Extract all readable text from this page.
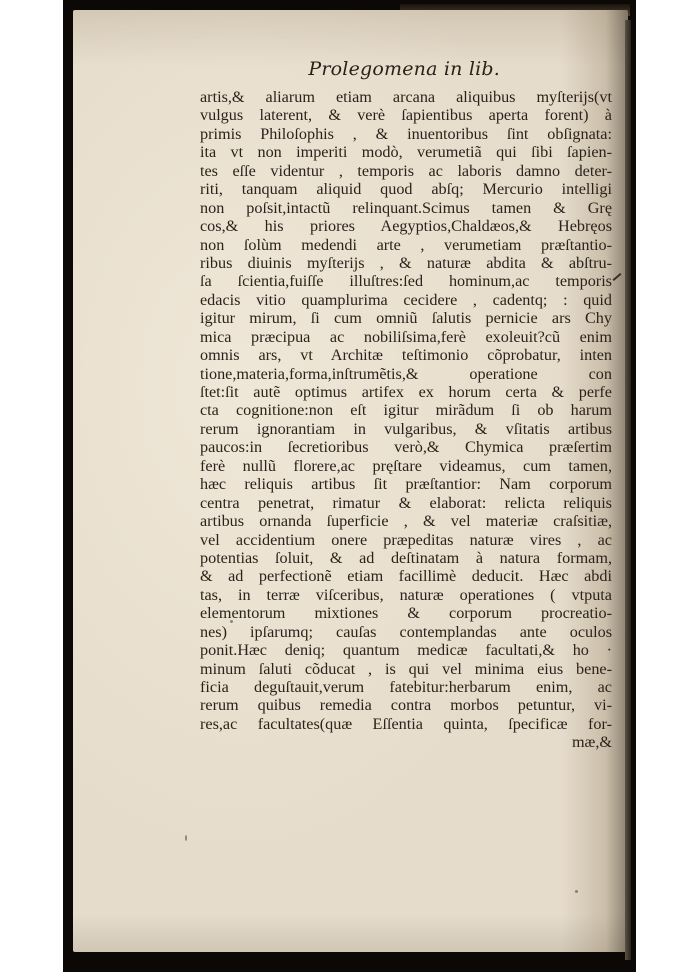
Prolegomena in lib.
artis,& aliarum etiam arcana aliquibus myſterijs(vt
vulgus laterent, & verè ſapientibus aperta forent) à
primis Philoſophis , & inuentoribus ſint obſignata:
ita vt non imperiti modò, verumetiã qui ſibi ſapien-
tes eſſe videntur , temporis ac laboris damno deter-
riti, tanquam aliquid quod abſq; Mercurio intelligi
non poſsit,intactũ relinquant.Scimus tamen & Grę
cos,& his priores Aegyptios,Chaldæos,& Hebręos
non ſolùm medendi arte , verumetiam præſtantio-
ribus diuinis myſterijs , & naturæ abdita & abſtru-
ſa ſcientia,fuiſſe illuſtres:ſed hominum,ac temporis
edacis vitio quamplurima cecidere , cadentq; : quid
igitur mirum, ſi cum omniũ ſalutis pernicie ars Chy
mica præcipua ac nobiliſsima,ferè exoleuit?cũ enim
omnis ars, vt Architæ teſtimonio cõprobatur, inten
tione,materia,forma,inſtrumẽtis,& operatione con
ſtet:ſit autẽ optimus artifex ex horum certa & perfe
cta cognitione:non eſt igitur mirãdum ſi ob harum
rerum ignorantiam in vulgaribus, & vſitatis artibus
paucos:in ſecretioribus verò,& Chymica præſertim
ferè nullũ florere,ac pręſtare videamus, cum tamen,
hæc reliquis artibus ſit præſtantior: Nam corporum
centra penetrat, rimatur & elaborat: relicta reliquis
artibus ornanda ſuperficie , & vel materiæ craſsitiæ,
vel accidentium onere præpeditas naturæ vires , ac
potentias ſoluit, & ad deſtinatam à natura formam,
& ad perfectionẽ etiam facillimè deducit. Hæc abdi
tas, in terræ viſceribus, naturæ operationes ( vtputa
elementorum mixtiones & corporum procreatio-
nes) ipſarumq; cauſas contemplandas ante oculos
ponit.Hæc deniq; quantum medicæ facultati,& ho ·
minum ſaluti cõducat , is qui vel minima eius bene-
ficia deguſtauit,verum fatebitur:herbarum enim, ac
rerum quibus remedia contra morbos petuntur, vi-
res,ac facultates(quæ Eſſentia quinta, ſpecificæ for-
mæ,&
